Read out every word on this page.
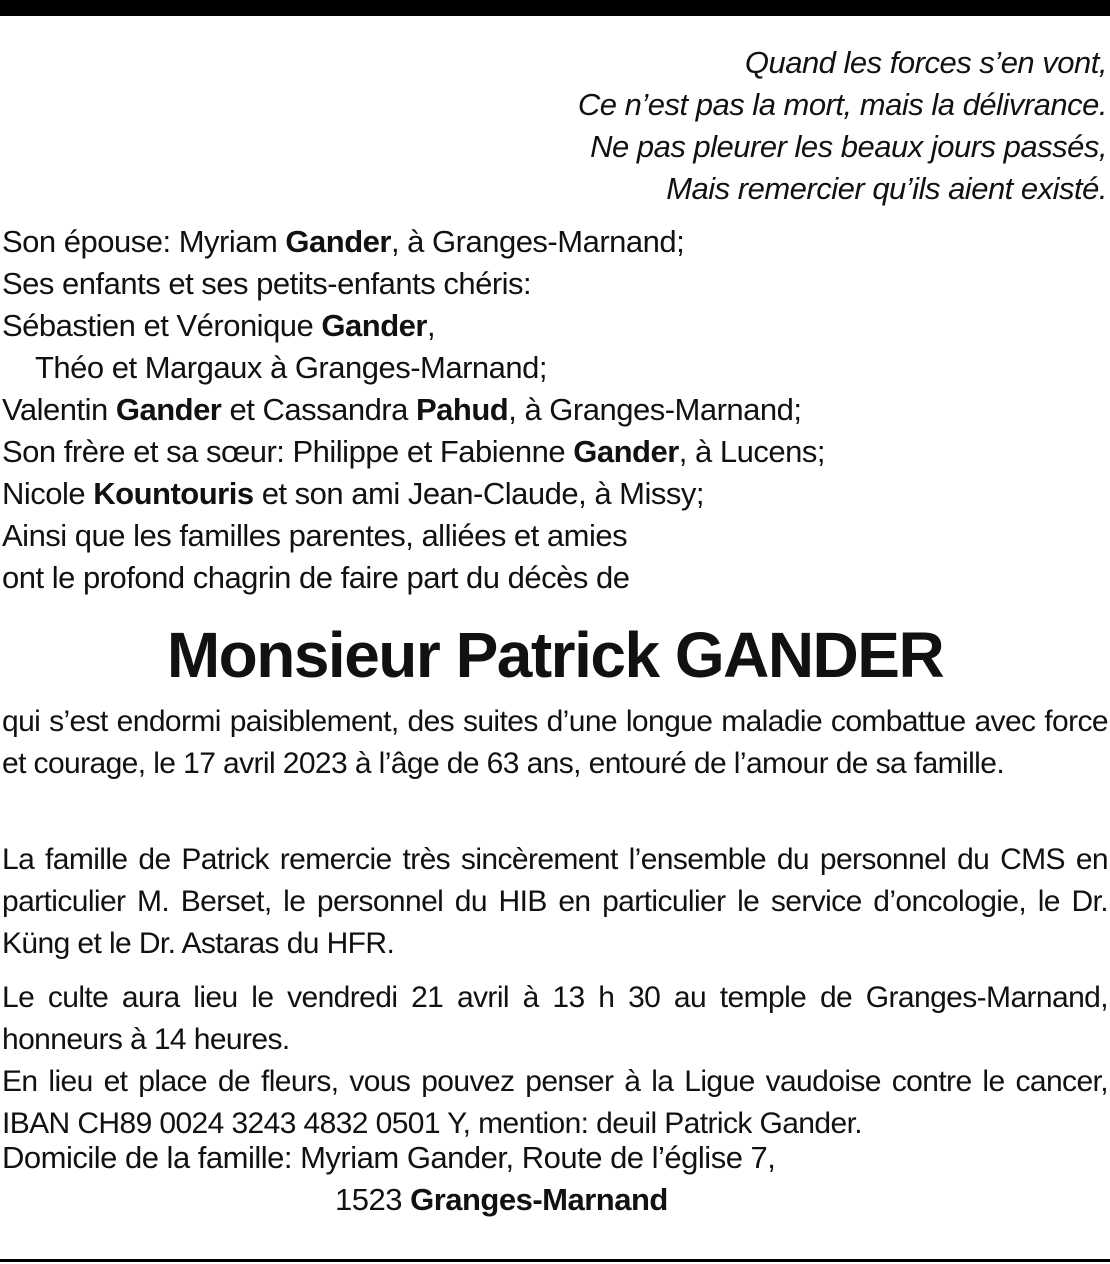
Quand les forces s’en vont,
Ce n’est pas la mort, mais la délivrance.
Ne pas pleurer les beaux jours passés,
Mais remercier qu’ils aient existé.
Son épouse: Myriam Gander, à Granges-Marnand;
Ses enfants et ses petits-enfants chéris:
Sébastien et Véronique Gander,
Théo et Margaux à Granges-Marnand;
Valentin Gander et Cassandra Pahud, à Granges-Marnand;
Son frère et sa sœur: Philippe et Fabienne Gander, à Lucens;
Nicole Kountouris et son ami Jean-Claude, à Missy;
Ainsi que les familles parentes, alliées et amies
ont le profond chagrin de faire part du décès de
Monsieur Patrick GANDER
qui s’est endormi paisiblement, des suites d’une longue maladie combattue avec force et courage, le 17 avril 2023 à l’âge de 63 ans, entouré de l’amour de sa famille.
La famille de Patrick remercie très sincèrement l’ensemble du personnel du CMS en particulier M. Berset, le personnel du HIB en particulier le service d’oncologie, le Dr. Küng et le Dr. Astaras du HFR.
Le culte aura lieu le vendredi 21 avril à 13 h 30 au temple de Granges-Marnand, honneurs à 14 heures.
En lieu et place de fleurs, vous pouvez penser à la Ligue vaudoise contre le cancer, IBAN CH89 0024 3243 4832 0501 Y, mention: deuil Patrick Gander.
Domicile de la famille: Myriam Gander, Route de l’église 7,
1523 Granges-Marnand
